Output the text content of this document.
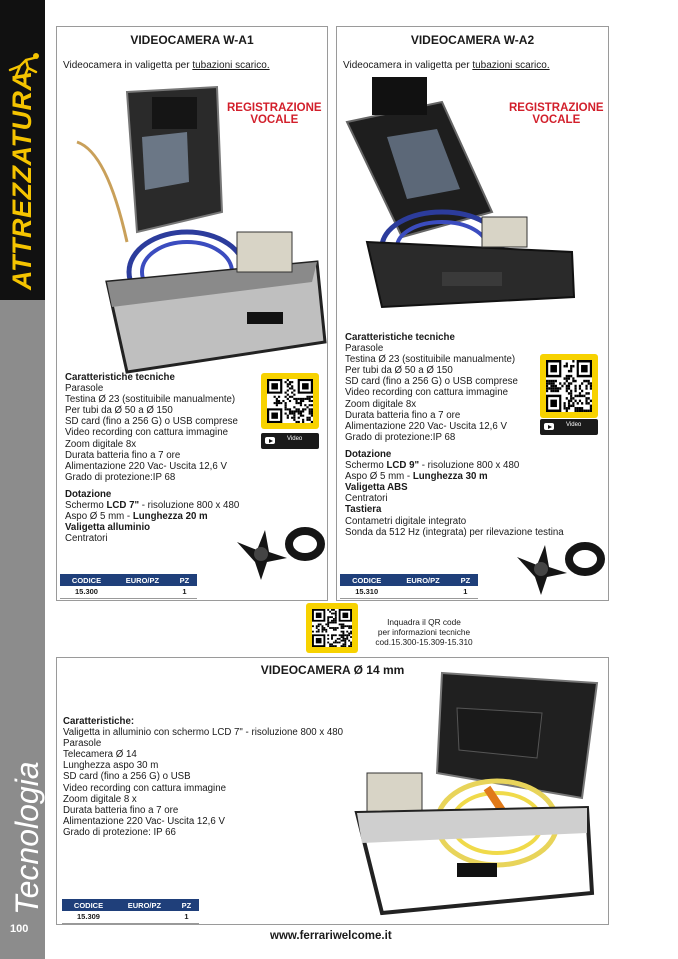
ATTREZZATURA
Tecnologia
100
VIDEOCAMERA W-A1
Videocamera in valigetta per tubazioni scarico.
REGISTRAZIONE
VOCALE
Caratteristiche tecniche
Parasole
Testina Ø 23 (sostituibile manualmente)
Per tubi da Ø 50 a Ø 150
SD card (fino a 256 G) o USB comprese
Video recording con cattura immagine
Zoom digitale 8x
Durata batteria fino a 7 ore
Alimentazione 220 Vac- Uscita 12,6 V
Grado di protezione:IP 68
Dotazione
Schermo LCD 7" - risoluzione 800 x 480
Aspo Ø 5 mm - Lunghezza 20 m
Valigetta alluminio
Centratori
Video
CODICE	EURO/PZ	PZ
15.300		1
VIDEOCAMERA W-A2
Videocamera in valigetta per tubazioni scarico.
REGISTRAZIONE
VOCALE
Caratteristiche tecniche
Parasole
Testina Ø 23 (sostituibile manualmente)
Per tubi da Ø 50 a Ø 150
SD card (fino a 256 G) o USB comprese
Video recording con cattura immagine
Zoom digitale 8x
Durata batteria fino a 7 ore
Alimentazione 220 Vac- Uscita 12,6 V
Grado di protezione:IP 68
Dotazione
Schermo LCD 9" - risoluzione 800 x 480
Aspo Ø 5 mm - Lunghezza 30 m
Valigetta ABS
Centratori
Tastiera
Contametri digitale integrato
Sonda da 512 Hz (integrata) per rilevazione testina
Video
CODICE	EURO/PZ	PZ
15.310		1
Inquadra il QR code
per informazioni tecniche
cod.15.300-15.309-15.310
VIDEOCAMERA Ø 14 mm
Caratteristiche:
Valigetta in alluminio con schermo LCD 7" - risoluzione 800 x 480
Parasole
Telecamera Ø 14
Lunghezza aspo 30 m
SD card (fino a 256 G) o USB
Video recording con cattura immagine
Zoom digitale 8 x
Durata batteria fino a 7 ore
Alimentazione 220 Vac- Uscita 12,6 V
Grado di protezione: IP 66
CODICE	EURO/PZ	PZ
15.309		1
www.ferrariwelcome.it
